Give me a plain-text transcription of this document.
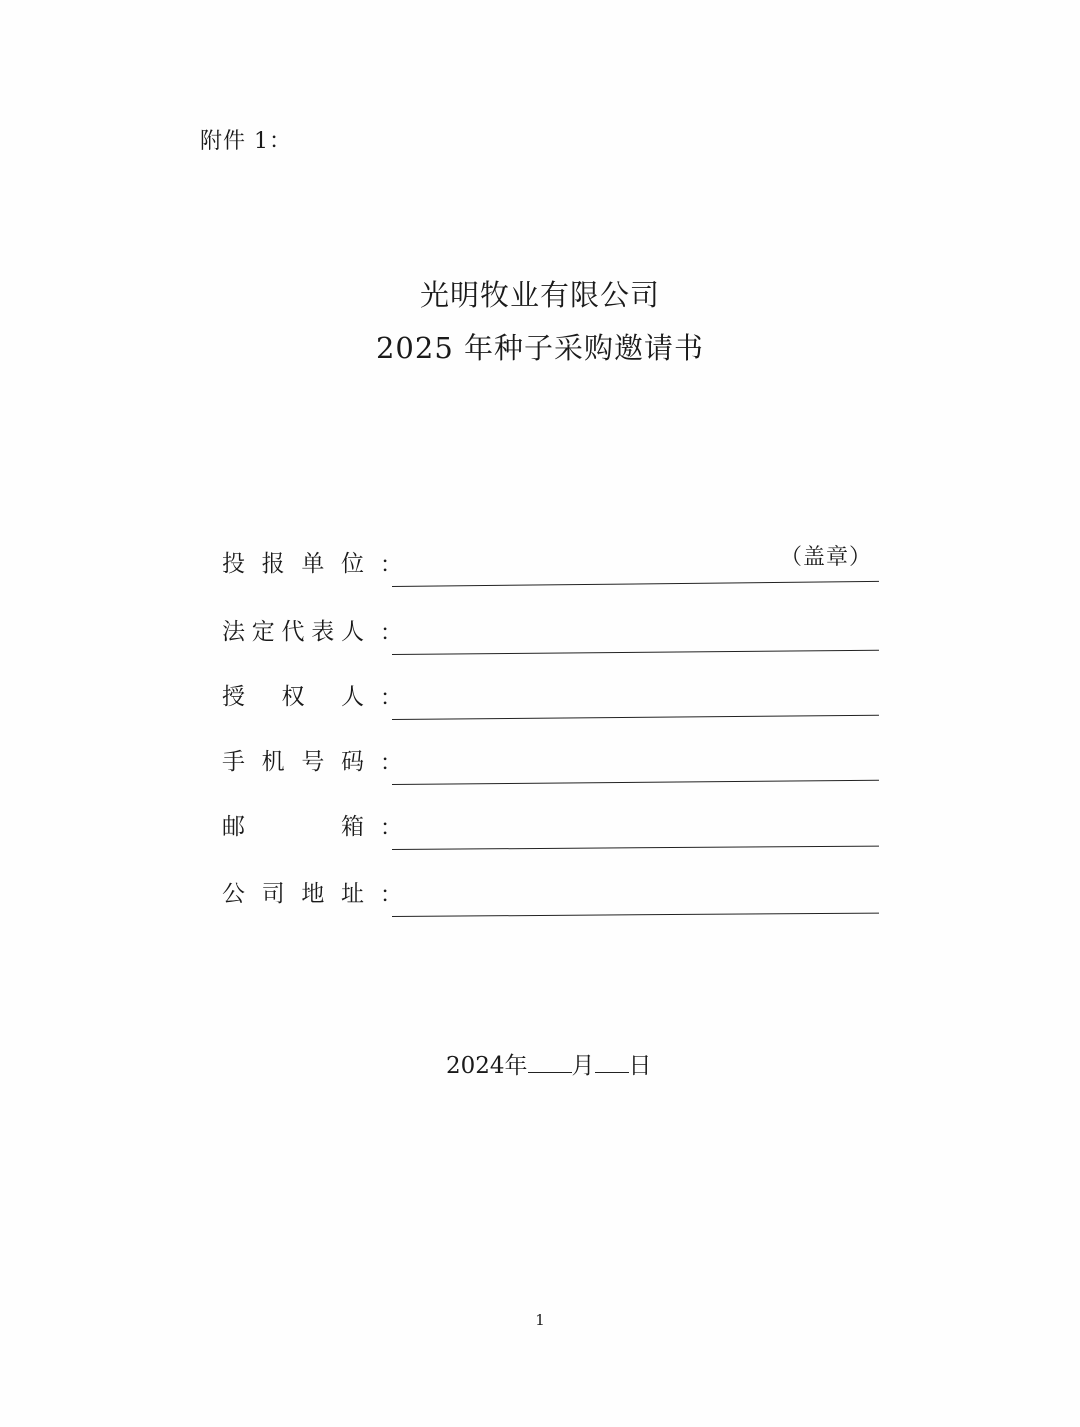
附件 1：
光明牧业有限公司
2025 年种子采购邀请书
（盖章）
投 报 单 位 ：
法 定 代 表 人 ：
授 权 人 ：
手 机 号 码 ：
邮	箱 ：
公 司 地 址 ：
2024年 月 日
1
